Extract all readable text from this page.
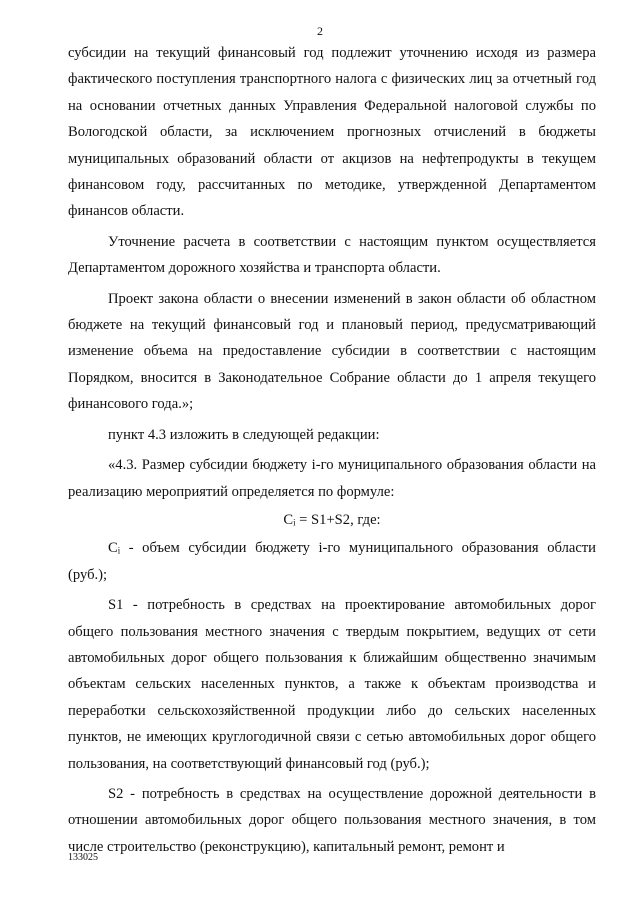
2

субсидии на текущий финансовый год подлежит уточнению исходя из размера фактического поступления транспортного налога с физических лиц за отчетный год на основании отчетных данных Управления Федеральной налоговой службы по Вологодской области, за исключением прогнозных отчислений в бюджеты муниципальных образований области от акцизов на нефтепродукты в текущем финансовом году, рассчитанных по методике, утвержденной Департаментом финансов области.

Уточнение расчета в соответствии с настоящим пунктом осуществляется Департаментом дорожного хозяйства и транспорта области.

Проект закона области о внесении изменений в закон области об областном бюджете на текущий финансовый год и плановый период, предусматривающий изменение объема на предоставление субсидии в соответствии с настоящим Порядком, вносится в Законодательное Собрание области до 1 апреля текущего финансового года.»;

пункт 4.3 изложить в следующей редакции:

«4.3. Размер субсидии бюджету i-го муниципального образования области на реализацию мероприятий определяется по формуле:

Cᵢ = S1+S2, где:

Cᵢ - объем субсидии бюджету i-го муниципального образования области (руб.);

S1 - потребность в средствах на проектирование автомобильных дорог общего пользования местного значения с твердым покрытием, ведущих от сети автомобильных дорог общего пользования к ближайшим общественно значимым объектам сельских населенных пунктов, а также к объектам производства и переработки сельскохозяйственной продукции либо до сельских населенных пунктов, не имеющих круглогодичной связи с сетью автомобильных дорог общего пользования, на соответствующий финансовый год (руб.);

S2 - потребность в средствах на осуществление дорожной деятельности в отношении автомобильных дорог общего пользования местного значения, в том числе строительство (реконструкцию), капитальный ремонт, ремонт и

133025
